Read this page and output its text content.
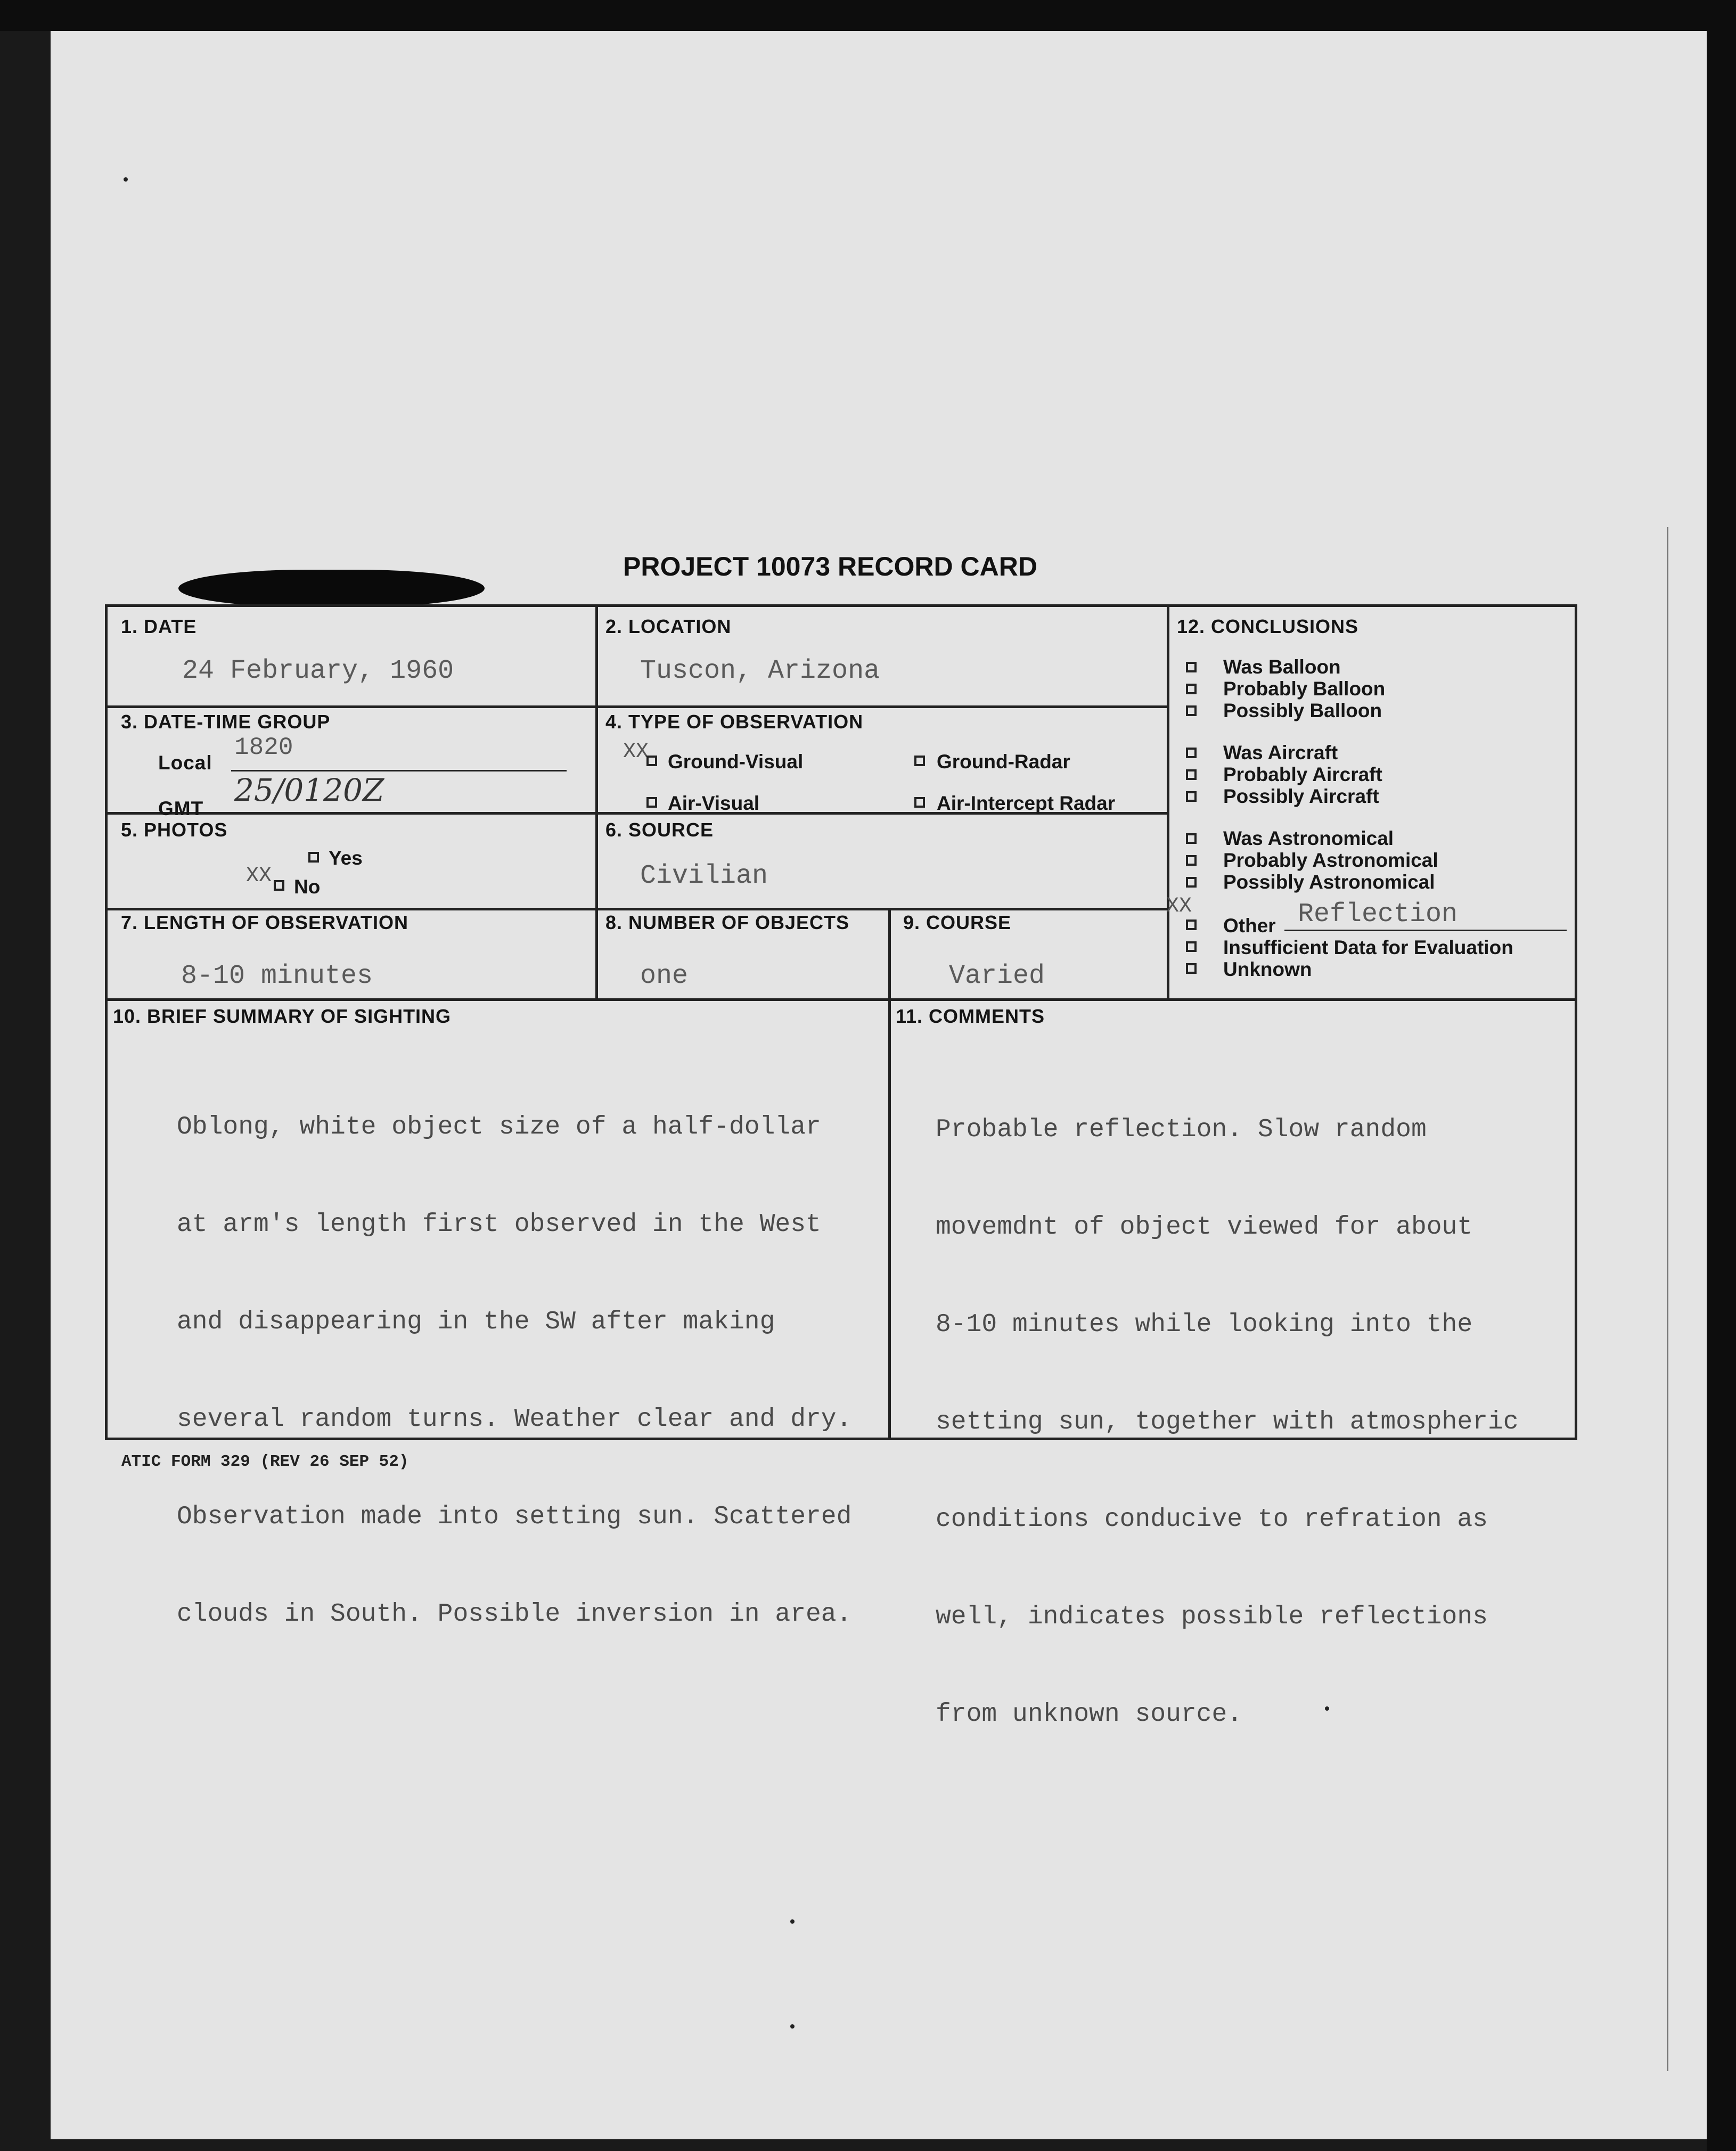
PROJECT 10073 RECORD CARD
1. DATE
24 February, 1960
2. LOCATION
Tuscon, Arizona
3. DATE-TIME GROUP
Local
1820
GMT
25/0120Z
4. TYPE OF OBSERVATION
XX Ground-Visual	Ground-Radar
Air-Visual	Air-Intercept Radar
5. PHOTOS
Yes
XX No
6. SOURCE
Civilian
7. LENGTH OF OBSERVATION
8-10 minutes
8. NUMBER OF OBJECTS
one
9. COURSE
Varied
10. BRIEF SUMMARY OF SIGHTING

Oblong, white object size of a half-dollar

at arm's length first observed in the West

and disappearing in the SW after making

several random turns. Weather clear and dry.

Observation made into setting sun. Scattered

clouds in South. Possible inversion in area.

11. COMMENTS

Probable reflection. Slow random

movemdnt of object viewed for about

8-10 minutes while looking into the

setting sun, together with atmospheric

conditions conducive to refration as

well, indicates possible reflections

from unknown source.

12. CONCLUSIONS
Was Balloon
Probably Balloon
Possibly Balloon
Was Aircraft
Probably Aircraft
Possibly Aircraft
Was Astronomical
Probably Astronomical
Possibly Astronomical
XX
Other Reflection
Insufficient Data for Evaluation
Unknown
ATIC FORM 329 (REV 26 SEP 52)
